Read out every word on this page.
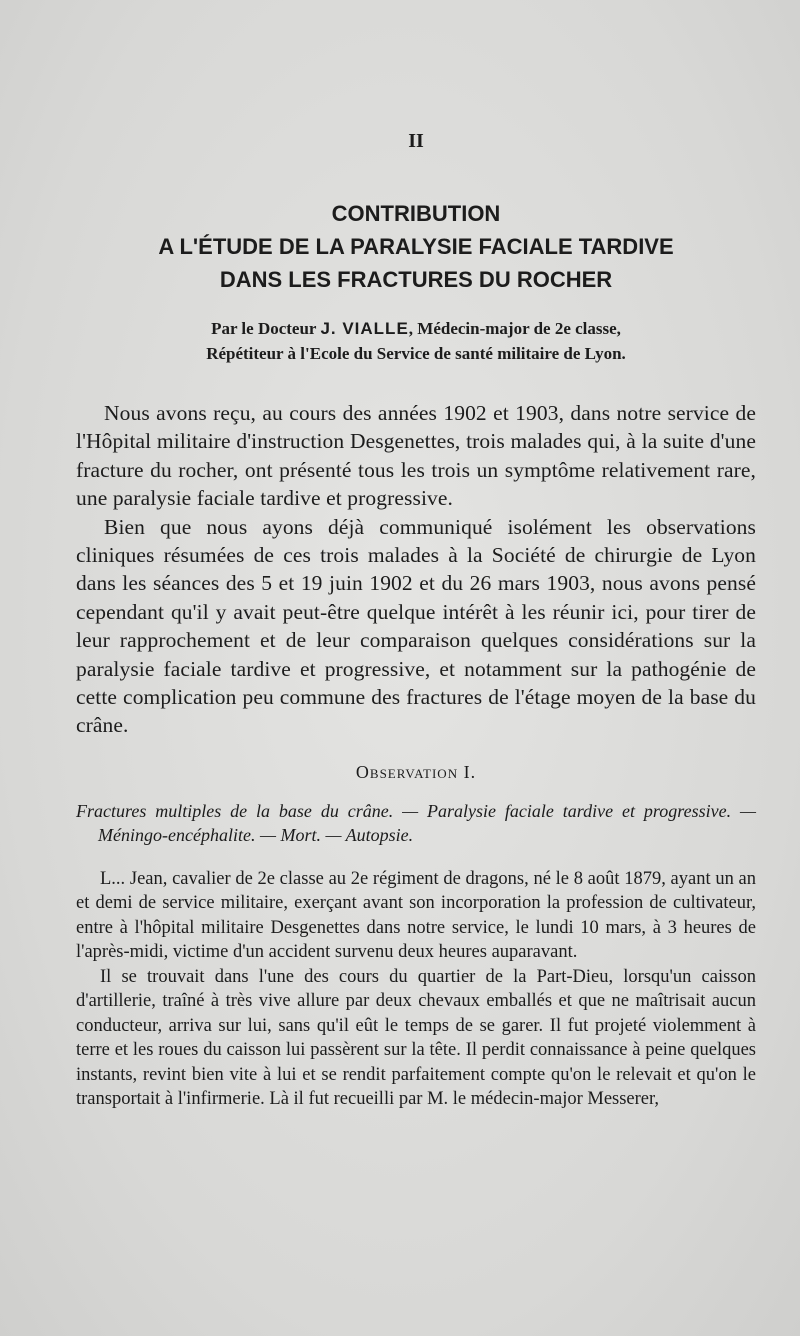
II
CONTRIBUTION
A L'ÉTUDE DE LA PARALYSIE FACIALE TARDIVE
DANS LES FRACTURES DU ROCHER
Par le Docteur J. VIALLE, Médecin-major de 2e classe,
Répétiteur à l'Ecole du Service de santé militaire de Lyon.

Nous avons reçu, au cours des années 1902 et 1903, dans notre service de l'Hôpital militaire d'instruction Desgenettes, trois malades qui, à la suite d'une fracture du rocher, ont présenté tous les trois un symptôme relativement rare, une paralysie faciale tardive et progressive.

Bien que nous ayons déjà communiqué isolément les observations cliniques résumées de ces trois malades à la Société de chirurgie de Lyon dans les séances des 5 et 19 juin 1902 et du 26 mars 1903, nous avons pensé cependant qu'il y avait peut-être quelque intérêt à les réunir ici, pour tirer de leur rapprochement et de leur comparaison quelques considérations sur la paralysie faciale tardive et progressive, et notamment sur la pathogénie de cette complication peu commune des fractures de l'étage moyen de la base du crâne.

Observation I.

Fractures multiples de la base du crâne. — Paralysie faciale tardive et progressive. — Méningo-encéphalite. — Mort. — Autopsie.

L... Jean, cavalier de 2e classe au 2e régiment de dragons, né le 8 août 1879, ayant un an et demi de service militaire, exerçant avant son incorporation la profession de cultivateur, entre à l'hôpital militaire Desgenettes dans notre service, le lundi 10 mars, à 3 heures de l'après-midi, victime d'un accident survenu deux heures auparavant.

Il se trouvait dans l'une des cours du quartier de la Part-Dieu, lorsqu'un caisson d'artillerie, traîné à très vive allure par deux chevaux emballés et que ne maîtrisait aucun conducteur, arriva sur lui, sans qu'il eût le temps de se garer. Il fut projeté violemment à terre et les roues du caisson lui passèrent sur la tête. Il perdit connaissance à peine quelques instants, revint bien vite à lui et se rendit parfaitement compte qu'on le relevait et qu'on le transportait à l'infirmerie. Là il fut recueilli par M. le médecin-major Messerer,
